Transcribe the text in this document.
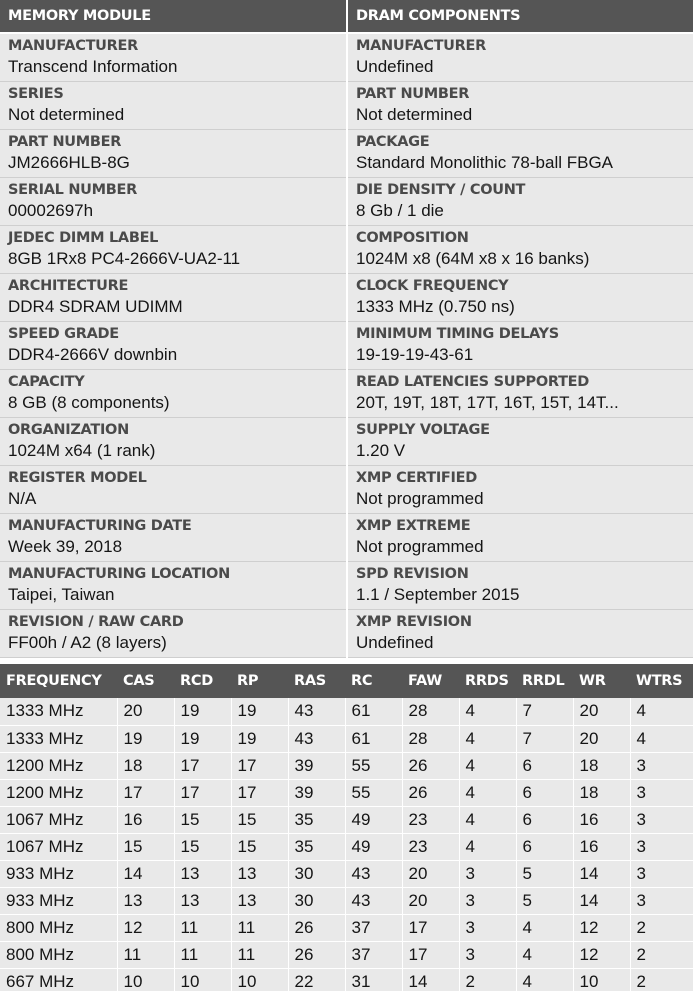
MEMORY MODULE
MANUFACTURER
Transcend Information
SERIES
Not determined
PART NUMBER
JM2666HLB-8G
SERIAL NUMBER
00002697h
JEDEC DIMM LABEL
8GB 1Rx8 PC4-2666V-UA2-11
ARCHITECTURE
DDR4 SDRAM UDIMM
SPEED GRADE
DDR4-2666V downbin
CAPACITY
8 GB (8 components)
ORGANIZATION
1024M x64 (1 rank)
REGISTER MODEL
N/A
MANUFACTURING DATE
Week 39, 2018
MANUFACTURING LOCATION
Taipei, Taiwan
REVISION / RAW CARD
FF00h / A2 (8 layers)
DRAM COMPONENTS
MANUFACTURER
Undefined
PART NUMBER
Not determined
PACKAGE
Standard Monolithic 78-ball FBGA
DIE DENSITY / COUNT
8 Gb / 1 die
COMPOSITION
1024M x8 (64M x8 x 16 banks)
CLOCK FREQUENCY
1333 MHz (0.750 ns)
MINIMUM TIMING DELAYS
19-19-19-43-61
READ LATENCIES SUPPORTED
20T, 19T, 18T, 17T, 16T, 15T, 14T...
SUPPLY VOLTAGE
1.20 V
XMP CERTIFIED
Not programmed
XMP EXTREME
Not programmed
SPD REVISION
1.1 / September 2015
XMP REVISION
Undefined
FREQUENCY	CAS	RCD	RP	RAS	RC	FAW	RRDS	RRDL	WR	WTRS
1333 MHz	20	19	19	43	61	28	4	7	20	4
1333 MHz	19	19	19	43	61	28	4	7	20	4
1200 MHz	18	17	17	39	55	26	4	6	18	3
1200 MHz	17	17	17	39	55	26	4	6	18	3
1067 MHz	16	15	15	35	49	23	4	6	16	3
1067 MHz	15	15	15	35	49	23	4	6	16	3
933 MHz	14	13	13	30	43	20	3	5	14	3
933 MHz	13	13	13	30	43	20	3	5	14	3
800 MHz	12	11	11	26	37	17	3	4	12	2
800 MHz	11	11	11	26	37	17	3	4	12	2
667 MHz	10	10	10	22	31	14	2	4	10	2
